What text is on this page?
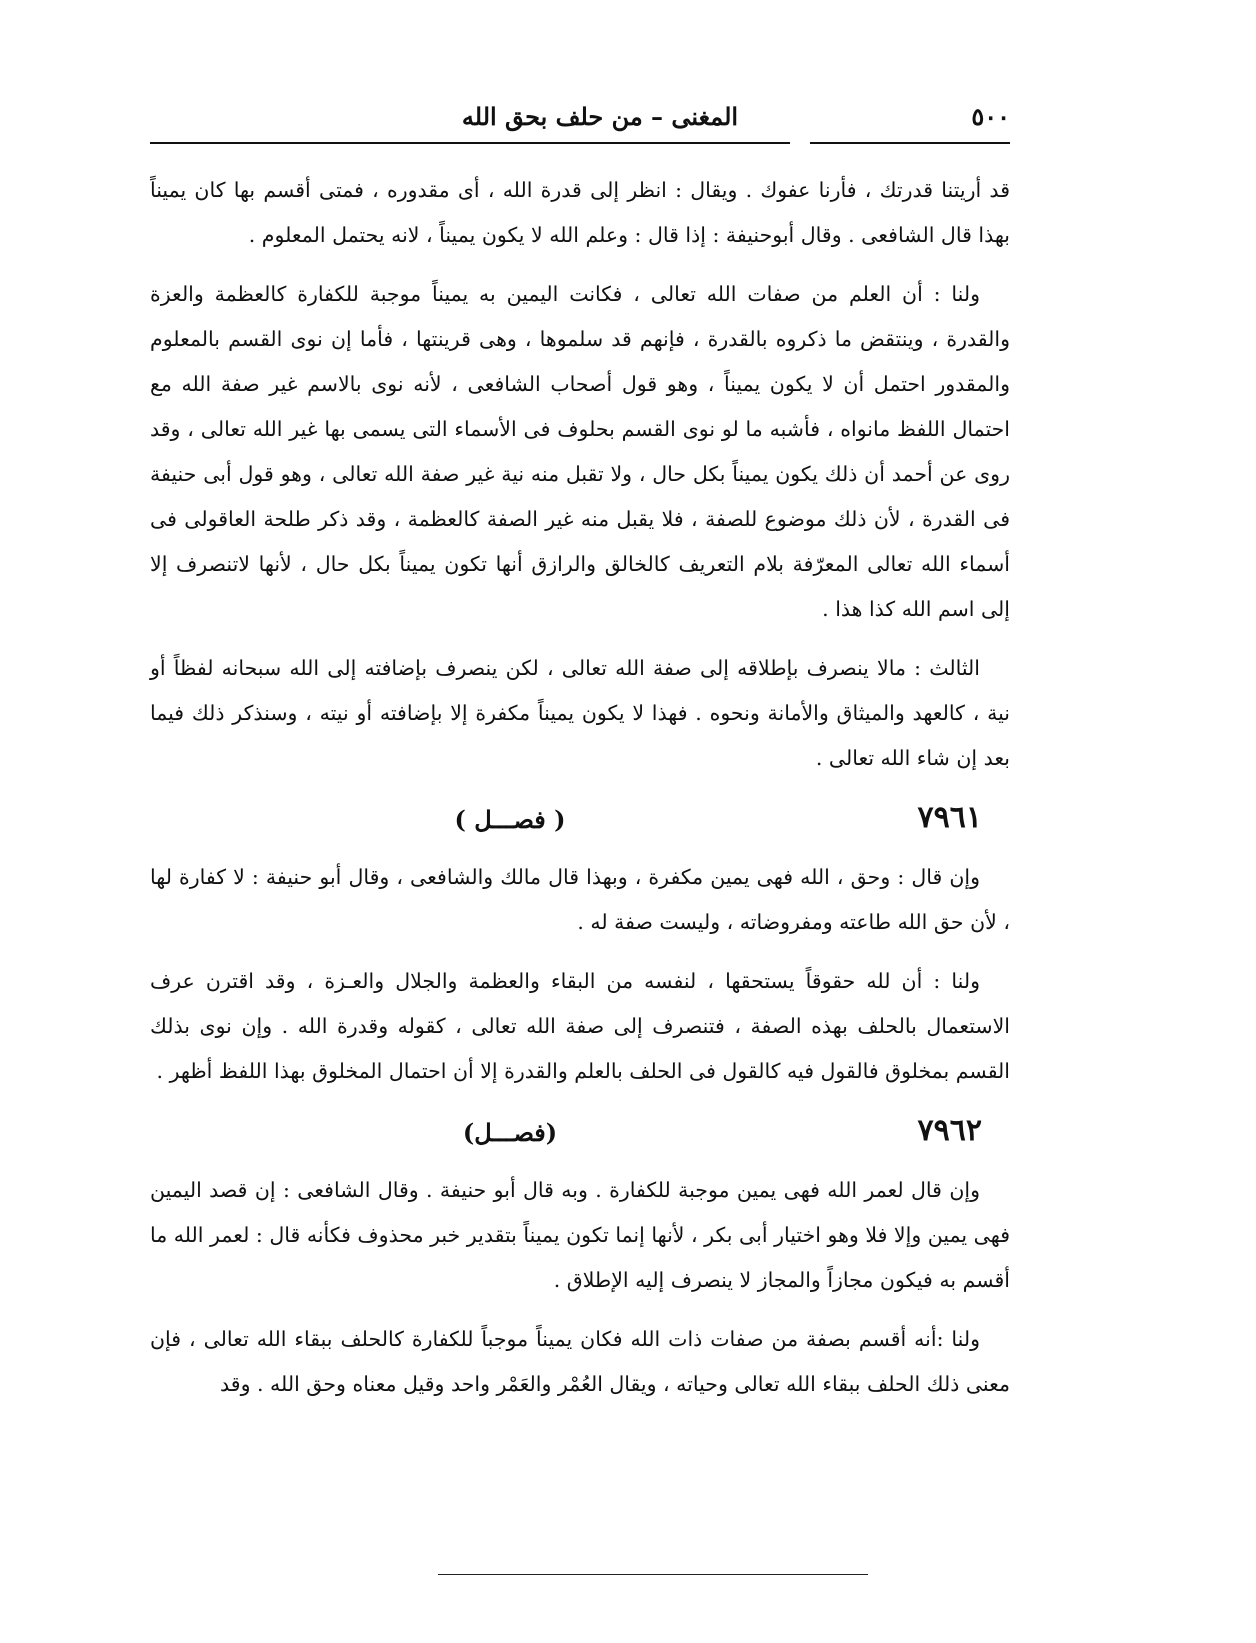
المغنى – من حلف بحق الله	٥٠٠

قد أريتنا قدرتك ، فأرنا عفوك . ويقال : انظر إلى قدرة الله ، أى مقدوره ، فمتى أقسم بها كان يميناً بهذا قال الشافعى . وقال أبوحنيفة : إذا قال : وعلم الله لا يكون يميناً ، لانه يحتمل المعلوم .

ولنا : أن العلم من صفات الله تعالى ، فكانت اليمين به يميناً موجبة للكفارة كالعظمة والعزة والقدرة ، وينتقض ما ذكروه بالقدرة ، فإنهم قد سلموها ، وهى قرينتها ، فأما إن نوى القسم بالمعلوم والمقدور احتمل أن لا يكون يميناً ، وهو قول أصحاب الشافعى ، لأنه نوى بالاسم غير صفة الله مع احتمال اللفظ مانواه ، فأشبه ما لو نوى القسم بحلوف فى الأسماء التى يسمى بها غير الله تعالى ، وقد روى عن أحمد أن ذلك يكون يميناً بكل حال ، ولا تقبل منه نية غير صفة الله تعالى ، وهو قول أبى حنيفة فى القدرة ، لأن ذلك موضوع للصفة ، فلا يقبل منه غير الصفة كالعظمة ، وقد ذكر طلحة العاقولى فى أسماء الله تعالى المعرّفة بلام التعريف كالخالق والرازق أنها تكون يميناً بكل حال ، لأنها لاتنصرف إلا إلى اسم الله كذا هذا .

الثالث : مالا ينصرف بإطلاقه إلى صفة الله تعالى ، لكن ينصرف بإضافته إلى الله سبحانه لفظاً أو نية ، كالعهد والميثاق والأمانة ونحوه . فهذا لا يكون يميناً مكفرة إلا بإضافته أو نيته ، وسنذكر ذلك فيما بعد إن شاء الله تعالى .

٧٩٦١
( فصـــل )

وإن قال : وحق ، الله فهى يمين مكفرة ، وبهذا قال مالك والشافعى ، وقال أبو حنيفة : لا كفارة لها ، لأن حق الله طاعته ومفروضاته ، وليست صفة له .

ولنا : أن لله حقوقاً يستحقها ، لنفسه من البقاء والعظمة والجلال والعـزة ، وقد اقترن عرف الاستعمال بالحلف بهذه الصفة ، فتنصرف إلى صفة الله تعالى ، كقوله وقدرة الله . وإن نوى بذلك القسم بمخلوق فالقول فيه كالقول فى الحلف بالعلم والقدرة إلا أن احتمال المخلوق بهذا اللفظ أظهر .

٧٩٦٢
(فصـــل)

وإن قال لعمر الله فهى يمين موجبة للكفارة . وبه قال أبو حنيفة . وقال الشافعى : إن قصد اليمين فهى يمين وإلا فلا وهو اختيار أبى بكر ، لأنها إنما تكون يميناً بتقدير خبر محذوف فكأنه قال : لعمر الله ما أقسم به فيكون مجازاً والمجاز لا ينصرف إليه الإطلاق .

ولنا :أنه أقسم بصفة من صفات ذات الله فكان يميناً موجباً للكفارة كالحلف ببقاء الله تعالى ، فإن معنى ذلك الحلف ببقاء الله تعالى وحياته ، ويقال العُمْر والعَمْر واحد وقيل معناه وحق الله . وقد
